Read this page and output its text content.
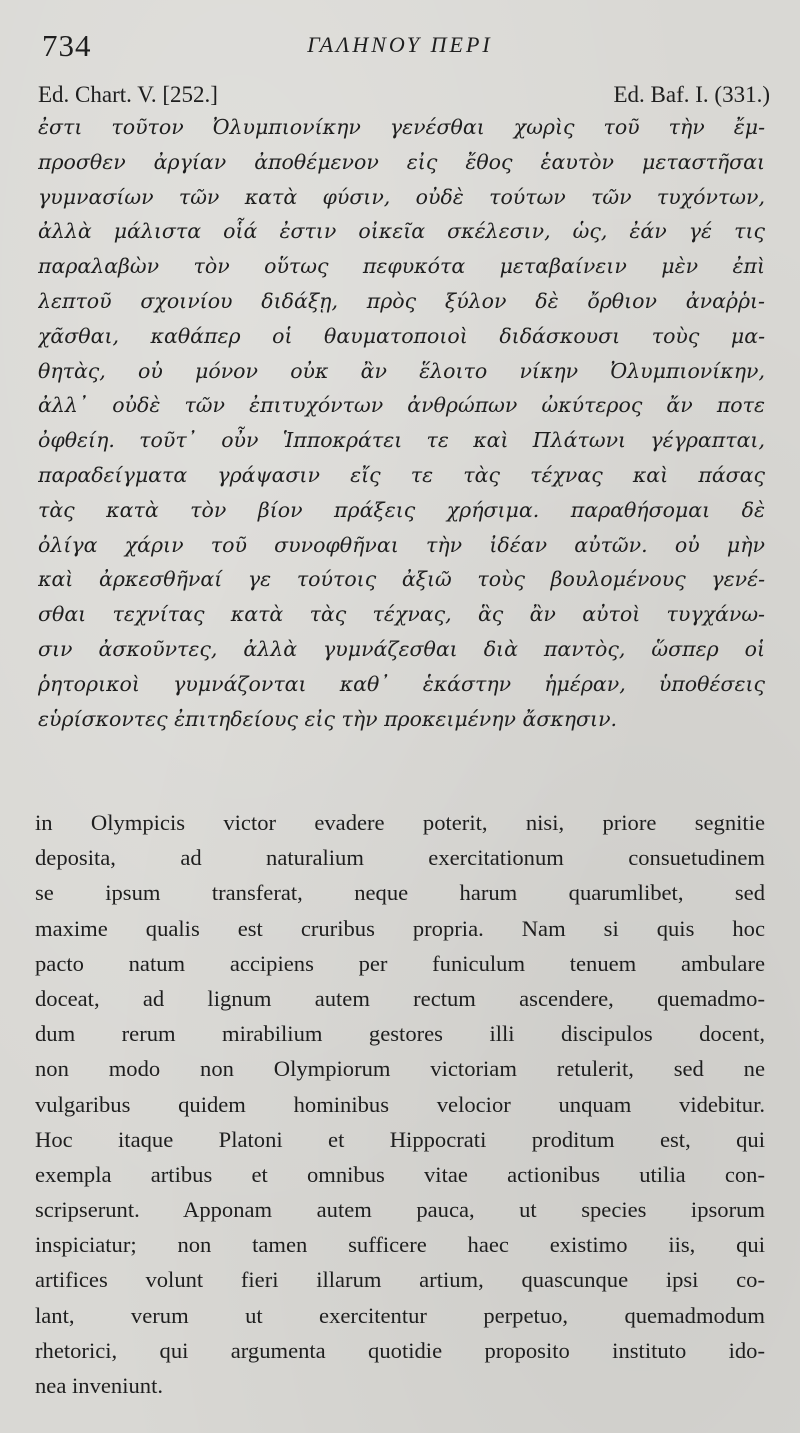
734	ΓΑΛΗΝΟΥ ΠΕΡΙ
Ed. Chart. V. [252.]	Ed. Baf. I. (331.)
ἐστι τοῦτον Ὀλυμπιονίκην γενέσθαι χωρὶς τοῦ τὴν ἔμ-
προσθεν ἀργίαν ἀποθέμενον εἰς ἔθος ἑαυτὸν μεταστῆσαι
γυμνασίων τῶν κατὰ φύσιν, οὐδὲ τούτων τῶν τυχόντων,
ἀλλὰ μάλιστα οἷά ἐστιν οἰκεῖα σκέλεσιν, ὡς, ἐάν γέ τις
παραλαβὼν τὸν οὕτως πεφυκότα μεταβαίνειν μὲν ἐπὶ
λεπτοῦ σχοινίου διδάξῃ, πρὸς ξύλον δὲ ὄρθιον ἀναῤῥι-
χᾶσθαι, καθάπερ οἱ θαυματοποιοὶ διδάσκουσι τοὺς μα-
θητὰς, οὐ μόνον οὐκ ἂν ἕλοιτο νίκην Ὀλυμπιονίκην,
ἀλλ᾽ οὐδὲ τῶν ἐπιτυχόντων ἀνθρώπων ὠκύτερος ἄν ποτε
ὀφθείη. τοῦτ᾽ οὖν Ἱπποκράτει τε καὶ Πλάτωνι γέγραπται,
παραδείγματα γράψασιν εἴς τε τὰς τέχνας καὶ πάσας
τὰς κατὰ τὸν βίον πράξεις χρήσιμα. παραθήσομαι δὲ
ὀλίγα χάριν τοῦ συνοφθῆναι τὴν ἰδέαν αὐτῶν. οὐ μὴν
καὶ ἀρκεσθῆναί γε τούτοις ἀξιῶ τοὺς βουλομένους γενέ-
σθαι τεχνίτας κατὰ τὰς τέχνας, ἃς ἂν αὐτοὶ τυγχάνω-
σιν ἀσκοῦντες, ἀλλὰ γυμνάζεσθαι διὰ παντὸς, ὥσπερ οἱ
ῥητορικοὶ γυμνάζονται καθ᾽ ἑκάστην ἡμέραν, ὑποθέσεις
εὑρίσκοντες ἐπιτηδείους εἰς τὴν προκειμένην ἄσκησιν.
in Olympicis victor evadere poterit, nisi, priore segnitie
deposita, ad naturalium exercitationum consuetudinem
se ipsum transferat, neque harum quarumlibet, sed
maxime qualis est cruribus propria. Nam si quis hoc
pacto natum accipiens per funiculum tenuem ambulare
doceat, ad lignum autem rectum ascendere, quemadmo-
dum rerum mirabilium gestores illi discipulos docent,
non modo non Olympiorum victoriam retulerit, sed ne
vulgaribus quidem hominibus velocior unquam videbitur.
Hoc itaque Platoni et Hippocrati proditum est, qui
exempla artibus et omnibus vitae actionibus utilia con-
scripserunt. Apponam autem pauca, ut species ipsorum
inspiciatur; non tamen sufficere haec existimo iis, qui
artifices volunt fieri illarum artium, quascunque ipsi co-
lant, verum ut exercitentur perpetuo, quemadmodum
rhetorici, qui argumenta quotidie proposito instituto ido-
nea inveniunt.
